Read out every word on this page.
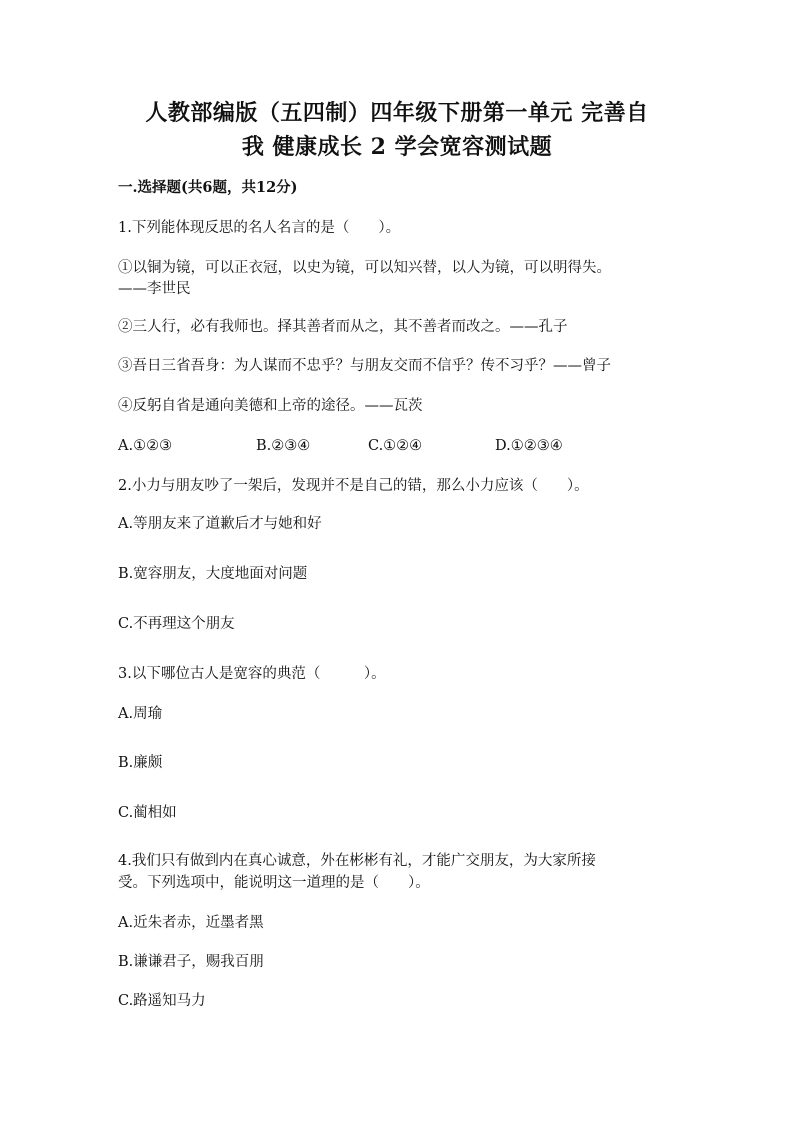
人教部编版（五四制）四年级下册第一单元 完善自
我 健康成长 2 学会宽容测试题
一.选择题(共6题，共12分)
1.下列能体现反思的名人名言的是（　　）。
①以铜为镜，可以正衣冠，以史为镜，可以知兴替，以人为镜，可以明得失。
——李世民
②三人行，必有我师也。择其善者而从之，其不善者而改之。——孔子
③吾日三省吾身：为人谋而不忠乎？与朋友交而不信乎？传不习乎？——曾子
④反躬自省是通向美德和上帝的途径。——瓦茨
A.①②③	B.②③④	C.①②④	D.①②③④
2.小力与朋友吵了一架后，发现并不是自己的错，那么小力应该（　　）。
A.等朋友来了道歉后才与她和好
B.宽容朋友，大度地面对问题
C.不再理这个朋友
3.以下哪位古人是宽容的典范（　　　）。
A.周瑜
B.廉颇
C.蔺相如
4.我们只有做到内在真心诚意，外在彬彬有礼，才能广交朋友，为大家所接
受。下列选项中，能说明这一道理的是（　　）。
A.近朱者赤，近墨者黑
B.谦谦君子，赐我百朋
C.路遥知马力
